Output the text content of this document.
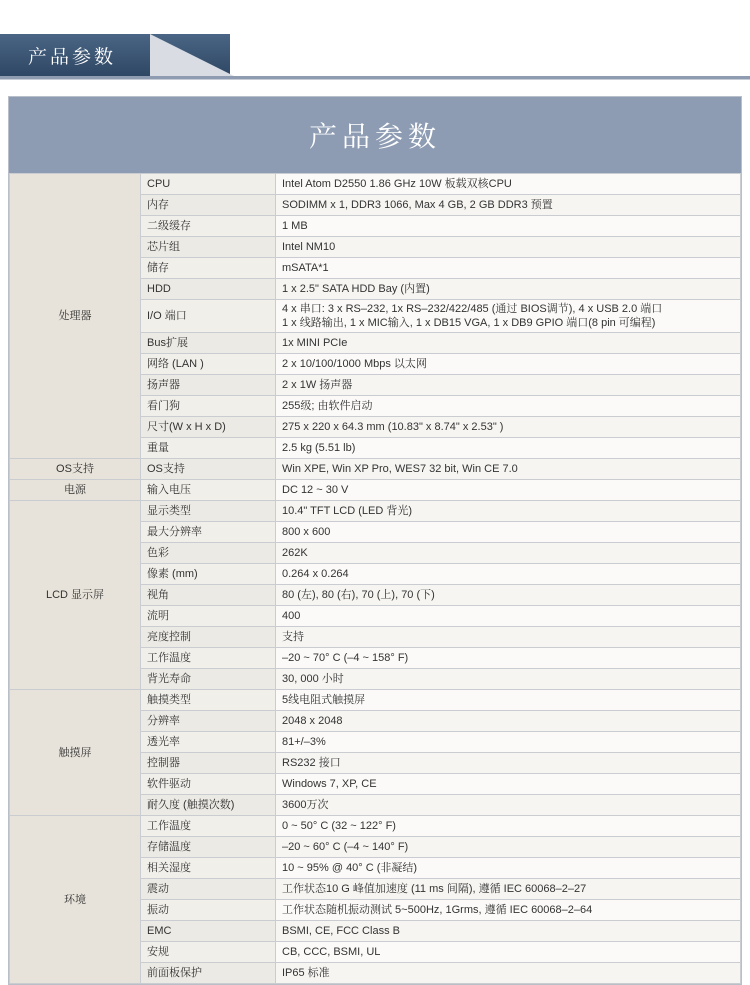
产品参数
产品参数
处理器	CPU	Intel Atom D2550 1.86 GHz 10W 板载双核CPU
	内存	SODIMM x 1, DDR3 1066, Max 4 GB, 2 GB DDR3 预置
	二级缓存	1 MB
	芯片组	Intel NM10
	储存	mSATA*1
	HDD	1 x 2.5" SATA HDD Bay (内置)
	I/O 端口	4 x 串口: 3 x RS–232, 1x RS–232/422/485 (通过 BIOS调节), 4 x USB 2.0 端口
1 x 线路输出, 1 x MIC输入, 1 x DB15 VGA, 1 x DB9 GPIO 端口(8 pin 可编程)
	Bus扩展	1x MINI PCIe
	网络 (LAN )	2 x 10/100/1000 Mbps 以太网
	扬声器	2 x 1W 扬声器
	看门狗	255级; 由软件启动
	尺寸(W x H x D)	275 x 220 x 64.3 mm (10.83" x 8.74" x 2.53" )
	重量	2.5 kg (5.51 lb)
OS支持	OS支持	Win XPE, Win XP Pro, WES7 32 bit, Win CE 7.0
电源	输入电压	DC 12 ~ 30 V
LCD 显示屏	显示类型	10.4" TFT LCD (LED 背光)
	最大分辨率	800 x 600
	色彩	262K
	像素 (mm)	0.264 x 0.264
	视角	80 (左), 80 (右), 70 (上), 70 (下)
	流明	400
	亮度控制	支持
	工作温度	–20 ~ 70° C (–4 ~ 158° F)
	背光寿命	30, 000 小时
触摸屏	触摸类型	5线电阻式触摸屏
	分辨率	2048 x 2048
	透光率	81+/–3%
	控制器	RS232 接口
	软件驱动	Windows 7, XP, CE
	耐久度 (触摸次数)	3600万次
环境	工作温度	0 ~ 50° C (32 ~ 122° F)
	存储温度	–20 ~ 60° C (–4 ~ 140° F)
	相关湿度	10 ~ 95% @ 40° C (非凝结)
	震动	工作状态10 G 峰值加速度 (11 ms 间隔), 遵循 IEC 60068–2–27
	振动	工作状态随机振动测试 5~500Hz, 1Grms, 遵循 IEC 60068–2–64
	EMC	BSMI, CE, FCC Class B
	安规	CB, CCC, BSMI, UL
	前面板保护	IP65 标准
